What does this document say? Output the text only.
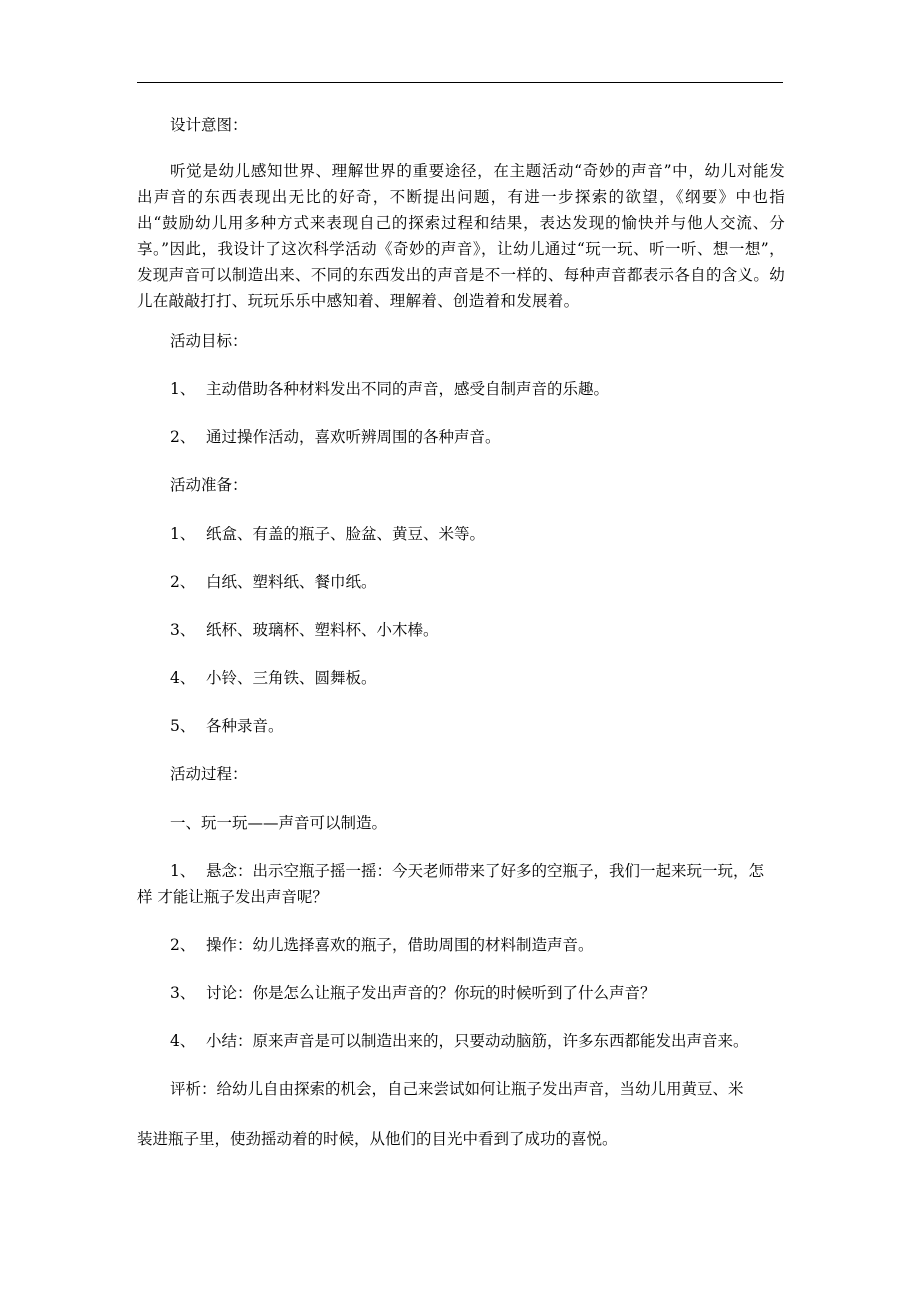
设计意图：
听觉是幼儿感知世界、理解世界的重要途径，在主题活动“奇妙的声音”中，幼儿对能发出声音的东西表现出无比的好奇，不断提出问题，有进一步探索的欲望，《纲要》中也指出“鼓励幼儿用多种方式来表现自己的探索过程和结果，表达发现的愉快并与他人交流、分享。”因此，我设计了这次科学活动《奇妙的声音》，让幼儿通过“玩一玩、听一听、想一想”，发现声音可以制造出来、不同的东西发出的声音是不一样的、每种声音都表示各自的含义。幼儿在敲敲打打、玩玩乐乐中感知着、理解着、创造着和发展着。
活动目标：
1、 主动借助各种材料发出不同的声音，感受自制声音的乐趣。
2、 通过操作活动，喜欢听辨周围的各种声音。
活动准备：
1、 纸盒、有盖的瓶子、脸盆、黄豆、米等。
2、 白纸、塑料纸、餐巾纸。
3、 纸杯、玻璃杯、塑料杯、小木棒。
4、 小铃、三角铁、圆舞板。
5、 各种录音。
活动过程：
一、玩一玩——声音可以制造。
1、 悬念：出示空瓶子摇一摇：今天老师带来了好多的空瓶子，我们一起来玩一玩，怎
样 才能让瓶子发出声音呢？
2、 操作：幼儿选择喜欢的瓶子，借助周围的材料制造声音。
3、 讨论：你是怎么让瓶子发出声音的？你玩的时候听到了什么声音？
4、 小结：原来声音是可以制造出来的，只要动动脑筋，许多东西都能发出声音来。
评析：给幼儿自由探索的机会，自己来尝试如何让瓶子发出声音，当幼儿用黄豆、米
装进瓶子里，使劲摇动着的时候，从他们的目光中看到了成功的喜悦。
